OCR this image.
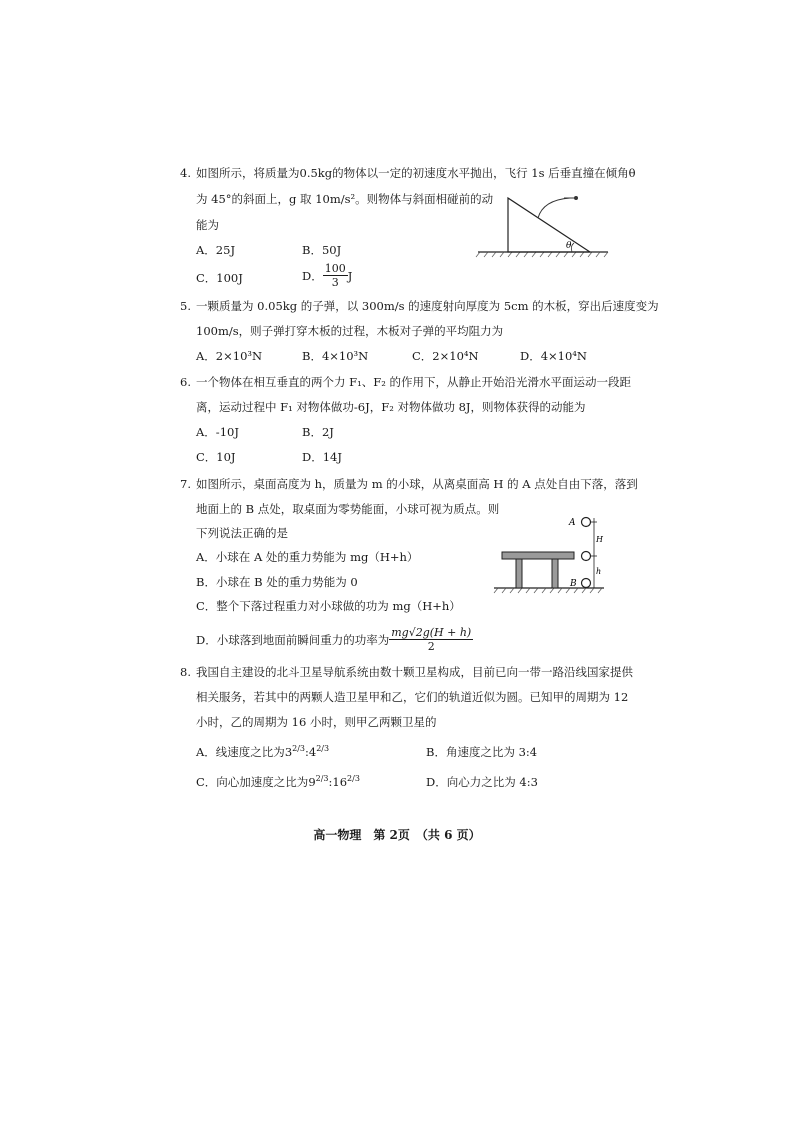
4. 如图所示，将质量为0.5kg的物体以一定的初速度水平抛出，飞行 1s 后垂直撞在倾角θ
为 45°的斜面上，g 取 10m/s²。则物体与斜面相碰前的动
能为
A．25J	B．50J
C．100J	D． $\frac{100}{3}$ J
θ
5. 一颗质量为 0.05kg 的子弹，以 300m/s 的速度射向厚度为 5cm 的木板，穿出后速度变为
100m/s，则子弹打穿木板的过程，木板对子弹的平均阻力为
A．2×10³N	B．4×10³N	C．2×10⁴N	D．4×10⁴N
6. 一个物体在相互垂直的两个力 F₁、F₂ 的作用下，从静止开始沿光滑水平面运动一段距
离，运动过程中 F₁ 对物体做功-6J，F₂ 对物体做功 8J，则物体获得的动能为
A．-10J	B．2J
C．10J	D．14J
7. 如图所示，桌面高度为 h，质量为 m 的小球，从离桌面高 H 的 A 点处自由下落，落到
地面上的 B 点处，取桌面为零势能面，小球可视为质点。则
下列说法正确的是
A．小球在 A 处的重力势能为 mg（H+h）
B．小球在 B 处的重力势能为 0
C．整个下落过程重力对小球做的功为 mg（H+h）
D．小球落到地面前瞬间重力的功率为 $\frac{mg√2g(H + h)}{2}$
A
H
h
B
8. 我国自主建设的北斗卫星导航系统由数十颗卫星构成，目前已向一带一路沿线国家提供
相关服务，若其中的两颗人造卫星甲和乙，它们的轨道近似为圆。已知甲的周期为 12
小时，乙的周期为 16 小时，则甲乙两颗卫星的
A．线速度之比为$3^{2/3}:4^{2/3}$	B．角速度之比为 3:4
C．向心加速度之比为$9^{2/3}:16^{2/3}$	D．向心力之比为 4:3
高一物理　第 2页　（共 6 页）
